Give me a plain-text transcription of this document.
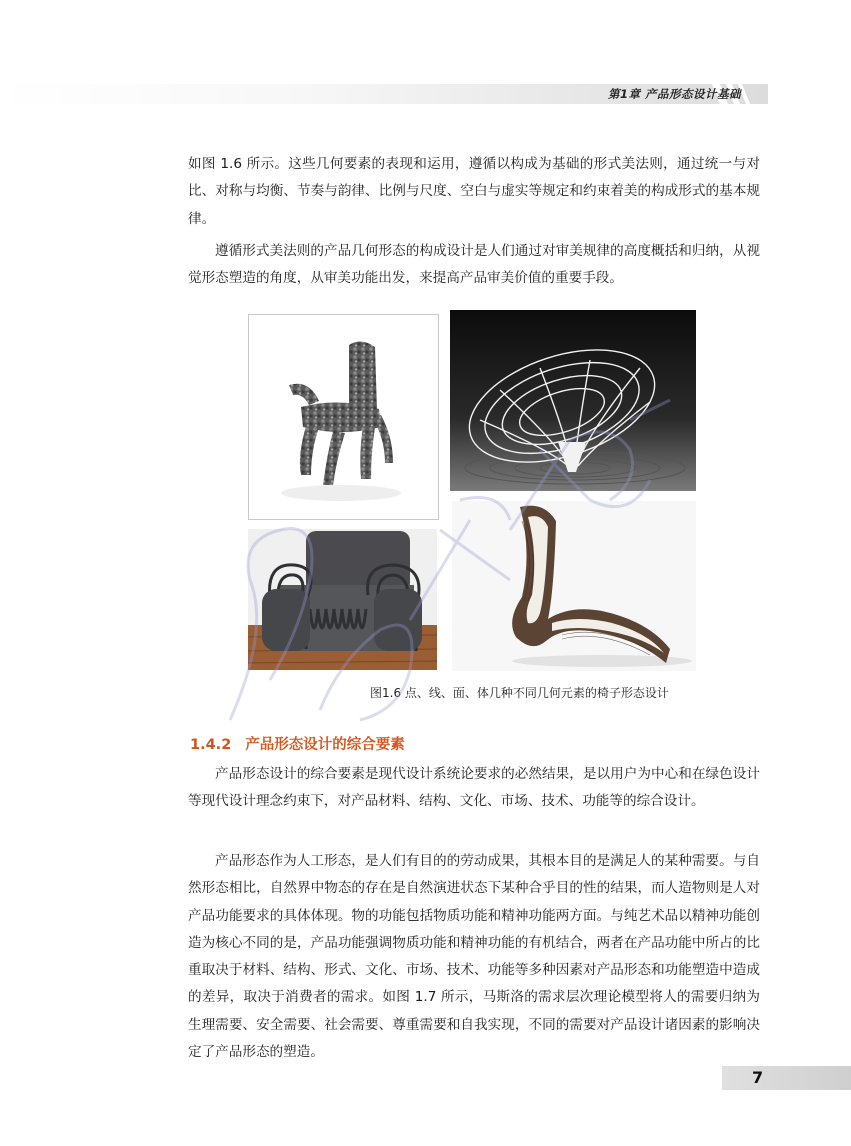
第1章 产品形态设计基础

如图 1.6 所示。这些几何要素的表现和运用，遵循以构成为基础的形式美法则，通过统一与对比、对称与均衡、节奏与韵律、比例与尺度、空白与虚实等规定和约束着美的构成形式的基本规律。

遵循形式美法则的产品几何形态的构成设计是人们通过对审美规律的高度概括和归纳，从视觉形态塑造的角度，从审美功能出发，来提高产品审美价值的重要手段。

图1.6 点、线、面、体几种不同几何元素的椅子形态设计
1.4.2 产品形态设计的综合要素

产品形态设计的综合要素是现代设计系统论要求的必然结果，是以用户为中心和在绿色设计等现代设计理念约束下，对产品材料、结构、文化、市场、技术、功能等的综合设计。

产品形态作为人工形态，是人们有目的的劳动成果，其根本目的是满足人的某种需要。与自然形态相比，自然界中物态的存在是自然演进状态下某种合乎目的性的结果，而人造物则是人对产品功能要求的具体体现。物的功能包括物质功能和精神功能两方面。与纯艺术品以精神功能创造为核心不同的是，产品功能强调物质功能和精神功能的有机结合，两者在产品功能中所占的比重取决于材料、结构、形式、文化、市场、技术、功能等多种因素对产品形态和功能塑造中造成的差异，取决于消费者的需求。如图 1.7 所示，马斯洛的需求层次理论模型将人的需要归纳为生理需要、安全需要、社会需要、尊重需要和自我实现，不同的需要对产品设计诸因素的影响决定了产品形态的塑造。

7
